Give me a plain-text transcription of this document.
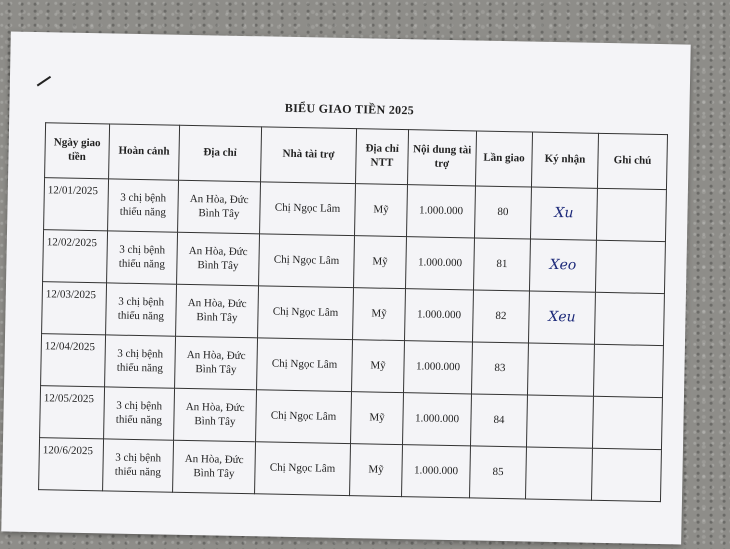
BIỂU GIAO TIỀN 2025
Ngày giao tiền	Hoàn cảnh	Địa chỉ	Nhà tài trợ	Địa chỉ NTT	Nội dung tài trợ	Lần giao	Ký nhận	Ghi chú
12/01/2025	3 chị bệnh thiếu năng	An Hòa, Đức Bình Tây	Chị Ngọc Lâm	Mỹ	1.000.000	80	Xu	
12/02/2025	3 chị bệnh thiếu năng	An Hòa, Đức Bình Tây	Chị Ngọc Lâm	Mỹ	1.000.000	81	Xeo	
12/03/2025	3 chị bệnh thiếu năng	An Hòa, Đức Bình Tây	Chị Ngọc Lâm	Mỹ	1.000.000	82	Xeu	
12/04/2025	3 chị bệnh thiếu năng	An Hòa, Đức Bình Tây	Chị Ngọc Lâm	Mỹ	1.000.000	83		
12/05/2025	3 chị bệnh thiếu năng	An Hòa, Đức Bình Tây	Chị Ngọc Lâm	Mỹ	1.000.000	84		
120/6/2025	3 chị bệnh thiếu năng	An Hòa, Đức Bình Tây	Chị Ngọc Lâm	Mỹ	1.000.000	85		
